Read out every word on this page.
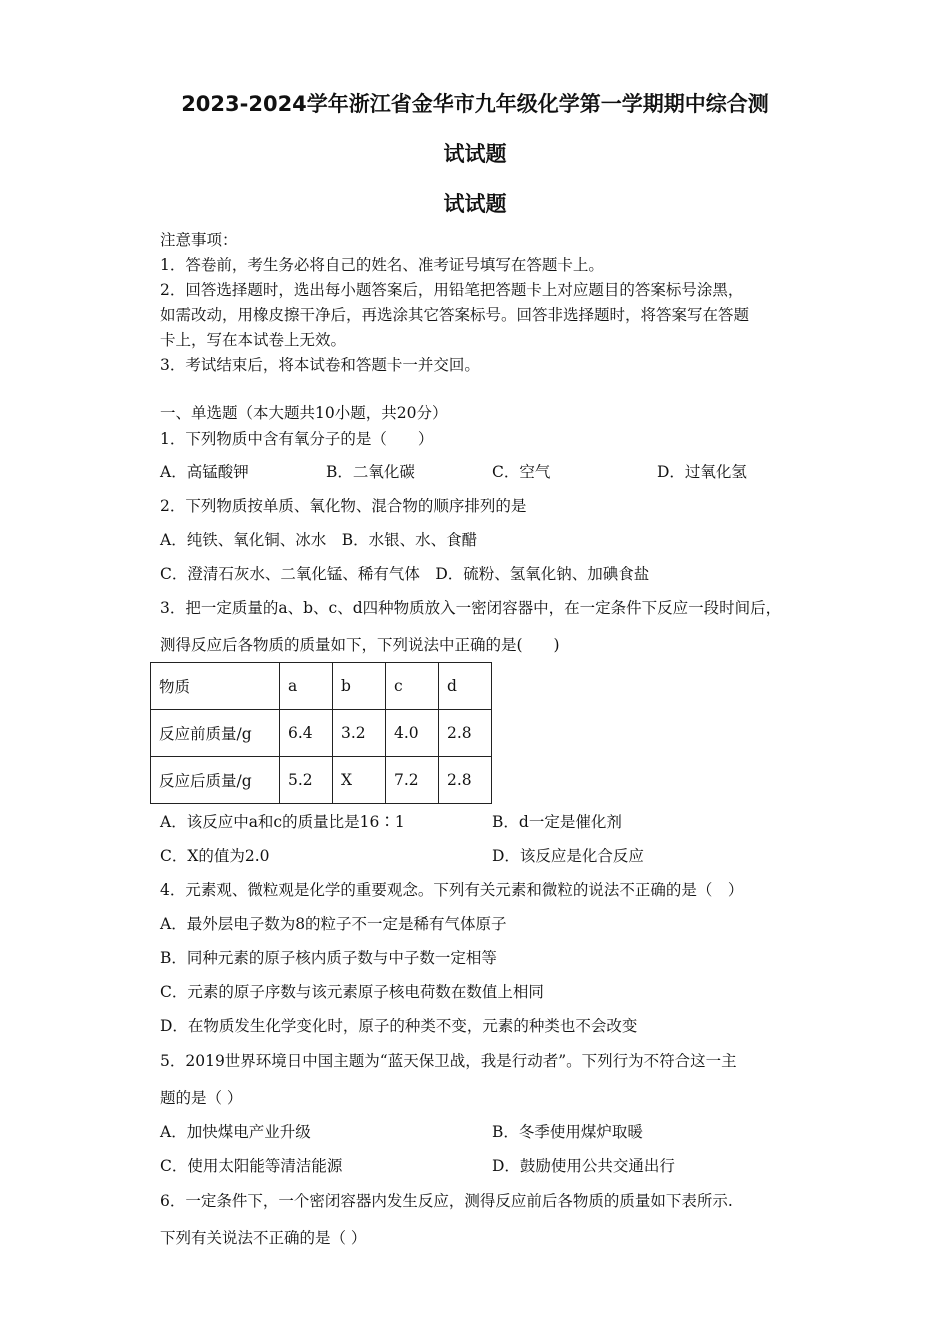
2023-2024学年浙江省金华市九年级化学第一学期期中综合测
试试题
试试题
注意事项：
1．答卷前，考生务必将自己的姓名、准考证号填写在答题卡上。
2．回答选择题时，选出每小题答案后，用铅笔把答题卡上对应题目的答案标号涂黑，
如需改动，用橡皮擦干净后，再选涂其它答案标号。回答非选择题时，将答案写在答题
卡上，写在本试卷上无效。
3．考试结束后，将本试卷和答题卡一并交回。
一、单选题（本大题共10小题，共20分）
1．下列物质中含有氧分子的是（　　）
A．高锰酸钾	B．二氧化碳	C．空气	D．过氧化氢
2．下列物质按单质、氧化物、混合物的顺序排列的是
A．纯铁、氧化铜、冰水　B．水银、水、食醋
C．澄清石灰水、二氧化锰、稀有气体　D．硫粉、氢氧化钠、加碘食盐
3．把一定质量的a、b、c、d四种物质放入一密闭容器中，在一定条件下反应一段时间后，
测得反应后各物质的质量如下，下列说法中正确的是(　　)
物质	a	b	c	d
反应前质量/g	6.4	3.2	4.0	2.8
反应后质量/g	5.2	X	7.2	2.8
A．该反应中a和c的质量比是16∶1	B．d一定是催化剂
C．X的值为2.0	D．该反应是化合反应
4．元素观、微粒观是化学的重要观念。下列有关元素和微粒的说法不正确的是（　）
A．最外层电子数为8的粒子不一定是稀有气体原子
B．同种元素的原子核内质子数与中子数一定相等
C．元素的原子序数与该元素原子核电荷数在数值上相同
D．在物质发生化学变化时，原子的种类不变，元素的种类也不会改变
5．2019世界环境日中国主题为“蓝天保卫战，我是行动者”。下列行为不符合这一主
题的是（ ）
A．加快煤电产业升级	B．冬季使用煤炉取暖
C．使用太阳能等清洁能源	D．鼓励使用公共交通出行
6．一定条件下，一个密闭容器内发生反应，测得反应前后各物质的质量如下表所示.
下列有关说法不正确的是（ ）
